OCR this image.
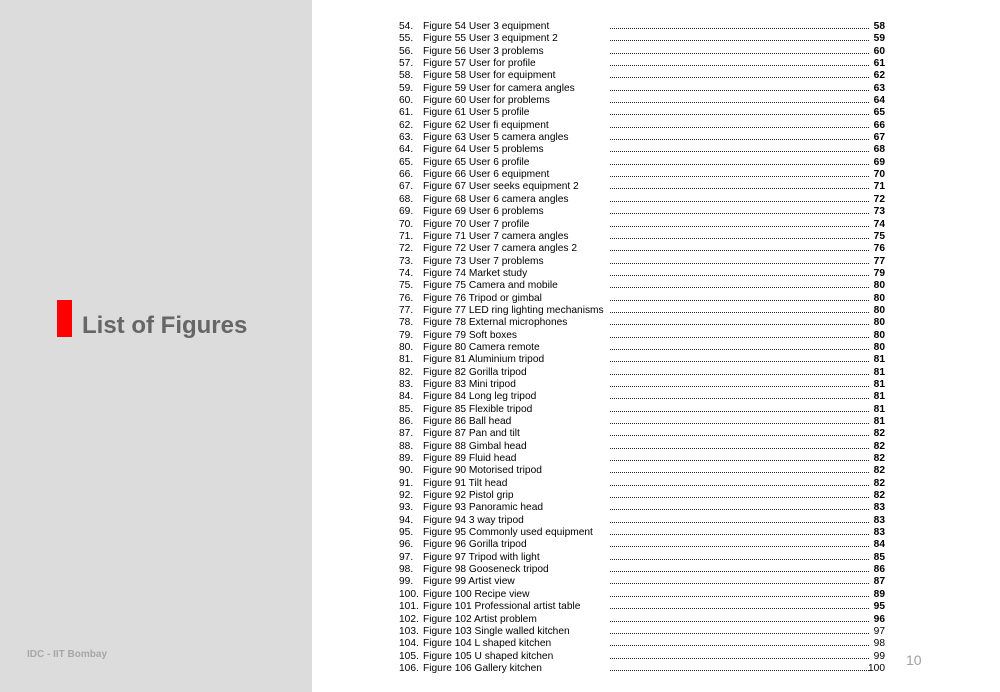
List of Figures
IDC - IIT Bombay
54. Figure 54 User 3 equipment	58
55. Figure 55 User 3 equipment 2	59
56. Figure 56 User 3 problems	60
57. Figure 57 User for profile	61
58. Figure 58 User for equipment	62
59. Figure 59 User for camera angles	63
60. Figure 60 User for problems	64
61. Figure 61 User 5 profile	65
62. Figure 62 User fi equipment	66
63. Figure 63 User 5 camera angles	67
64. Figure 64 User 5 problems	68
65. Figure 65 User 6 profile	69
66. Figure 66 User 6 equipment	70
67. Figure 67 User seeks equipment 2	71
68. Figure 68 User 6 camera angles	72
69. Figure 69 User 6 problems	73
70. Figure 70 User 7 profile	74
71. Figure 71 User 7 camera angles	75
72. Figure 72 User 7 camera angles 2	76
73. Figure 73 User 7 problems	77
74. Figure 74 Market study	79
75. Figure 75 Camera and mobile	80
76. Figure 76 Tripod or gimbal	80
77. Figure 77 LED ring lighting mechanisms	80
78. Figure 78 External microphones	80
79. Figure 79 Soft boxes	80
80. Figure 80 Camera remote	80
81. Figure 81 Aluminium tripod	81
82. Figure 82 Gorilla tripod	81
83. Figure 83 Mini tripod	81
84. Figure 84 Long leg tripod	81
85. Figure 85 Flexible tripod	81
86. Figure 86 Ball head	81
87. Figure 87 Pan and tilt	82
88. Figure 88 Gimbal head	82
89. Figure 89 Fluid head	82
90. Figure 90 Motorised tripod	82
91. Figure 91 Tilt head	82
92. Figure 92 Pistol grip	82
93. Figure 93 Panoramic head	83
94. Figure 94 3 way tripod	83
95. Figure 95 Commonly used equipment	83
96. Figure 96 Gorilla tripod	84
97. Figure 97 Tripod with light	85
98. Figure 98 Gooseneck tripod	86
99. Figure 99 Artist view	87
100. Figure 100 Recipe view	89
101. Figure 101 Professional artist table	95
102. Figure 102 Artist problem	96
103. Figure 103 Single walled kitchen	97
104. Figure 104 L shaped kitchen	98
105. Figure 105 U shaped kitchen	99
106. Figure 106 Gallery kitchen	100
10
